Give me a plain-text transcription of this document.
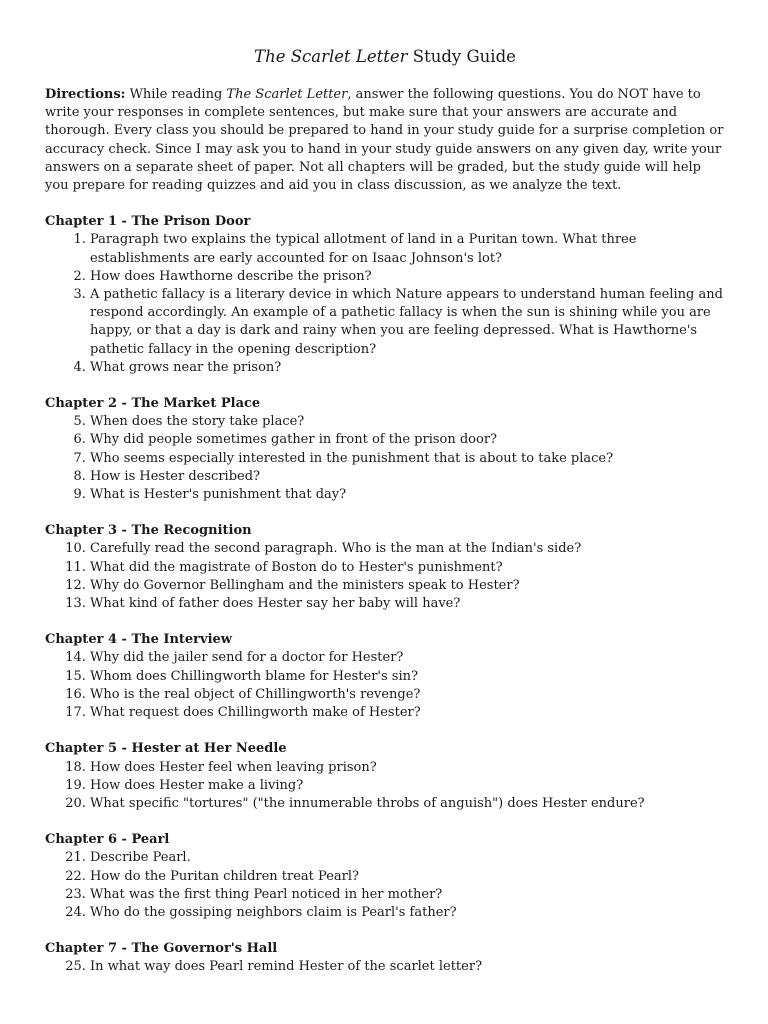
The Scarlet Letter Study Guide

Directions: While reading The Scarlet Letter, answer the following questions. You do NOT have to write your responses in complete sentences, but make sure that your answers are accurate and thorough. Every class you should be prepared to hand in your study guide for a surprise completion or accuracy check. Since I may ask you to hand in your study guide answers on any given day, write your answers on a separate sheet of paper. Not all chapters will be graded, but the study guide will help you prepare for reading quizzes and aid you in class discussion, as we analyze the text.

Chapter 1 - The Prison Door
1. Paragraph two explains the typical allotment of land in a Puritan town. What three establishments are early accounted for on Isaac Johnson's lot?
2. How does Hawthorne describe the prison?
3. A pathetic fallacy is a literary device in which Nature appears to understand human feeling and respond accordingly. An example of a pathetic fallacy is when the sun is shining while you are happy, or that a day is dark and rainy when you are feeling depressed. What is Hawthorne's pathetic fallacy in the opening description?
4. What grows near the prison?
Chapter 2 - The Market Place
5. When does the story take place?
6. Why did people sometimes gather in front of the prison door?
7. Who seems especially interested in the punishment that is about to take place?
8. How is Hester described?
9. What is Hester's punishment that day?
Chapter 3 - The Recognition
10. Carefully read the second paragraph. Who is the man at the Indian's side?
11. What did the magistrate of Boston do to Hester's punishment?
12. Why do Governor Bellingham and the ministers speak to Hester?
13. What kind of father does Hester say her baby will have?
Chapter 4 - The Interview
14. Why did the jailer send for a doctor for Hester?
15. Whom does Chillingworth blame for Hester's sin?
16. Who is the real object of Chillingworth's revenge?
17. What request does Chillingworth make of Hester?
Chapter 5 - Hester at Her Needle
18. How does Hester feel when leaving prison?
19. How does Hester make a living?
20. What specific "tortures" ("the innumerable throbs of anguish") does Hester endure?
Chapter 6 - Pearl
21. Describe Pearl.
22. How do the Puritan children treat Pearl?
23. What was the first thing Pearl noticed in her mother?
24. Who do the gossiping neighbors claim is Pearl's father?
Chapter 7 - The Governor's Hall
25. In what way does Pearl remind Hester of the scarlet letter?
